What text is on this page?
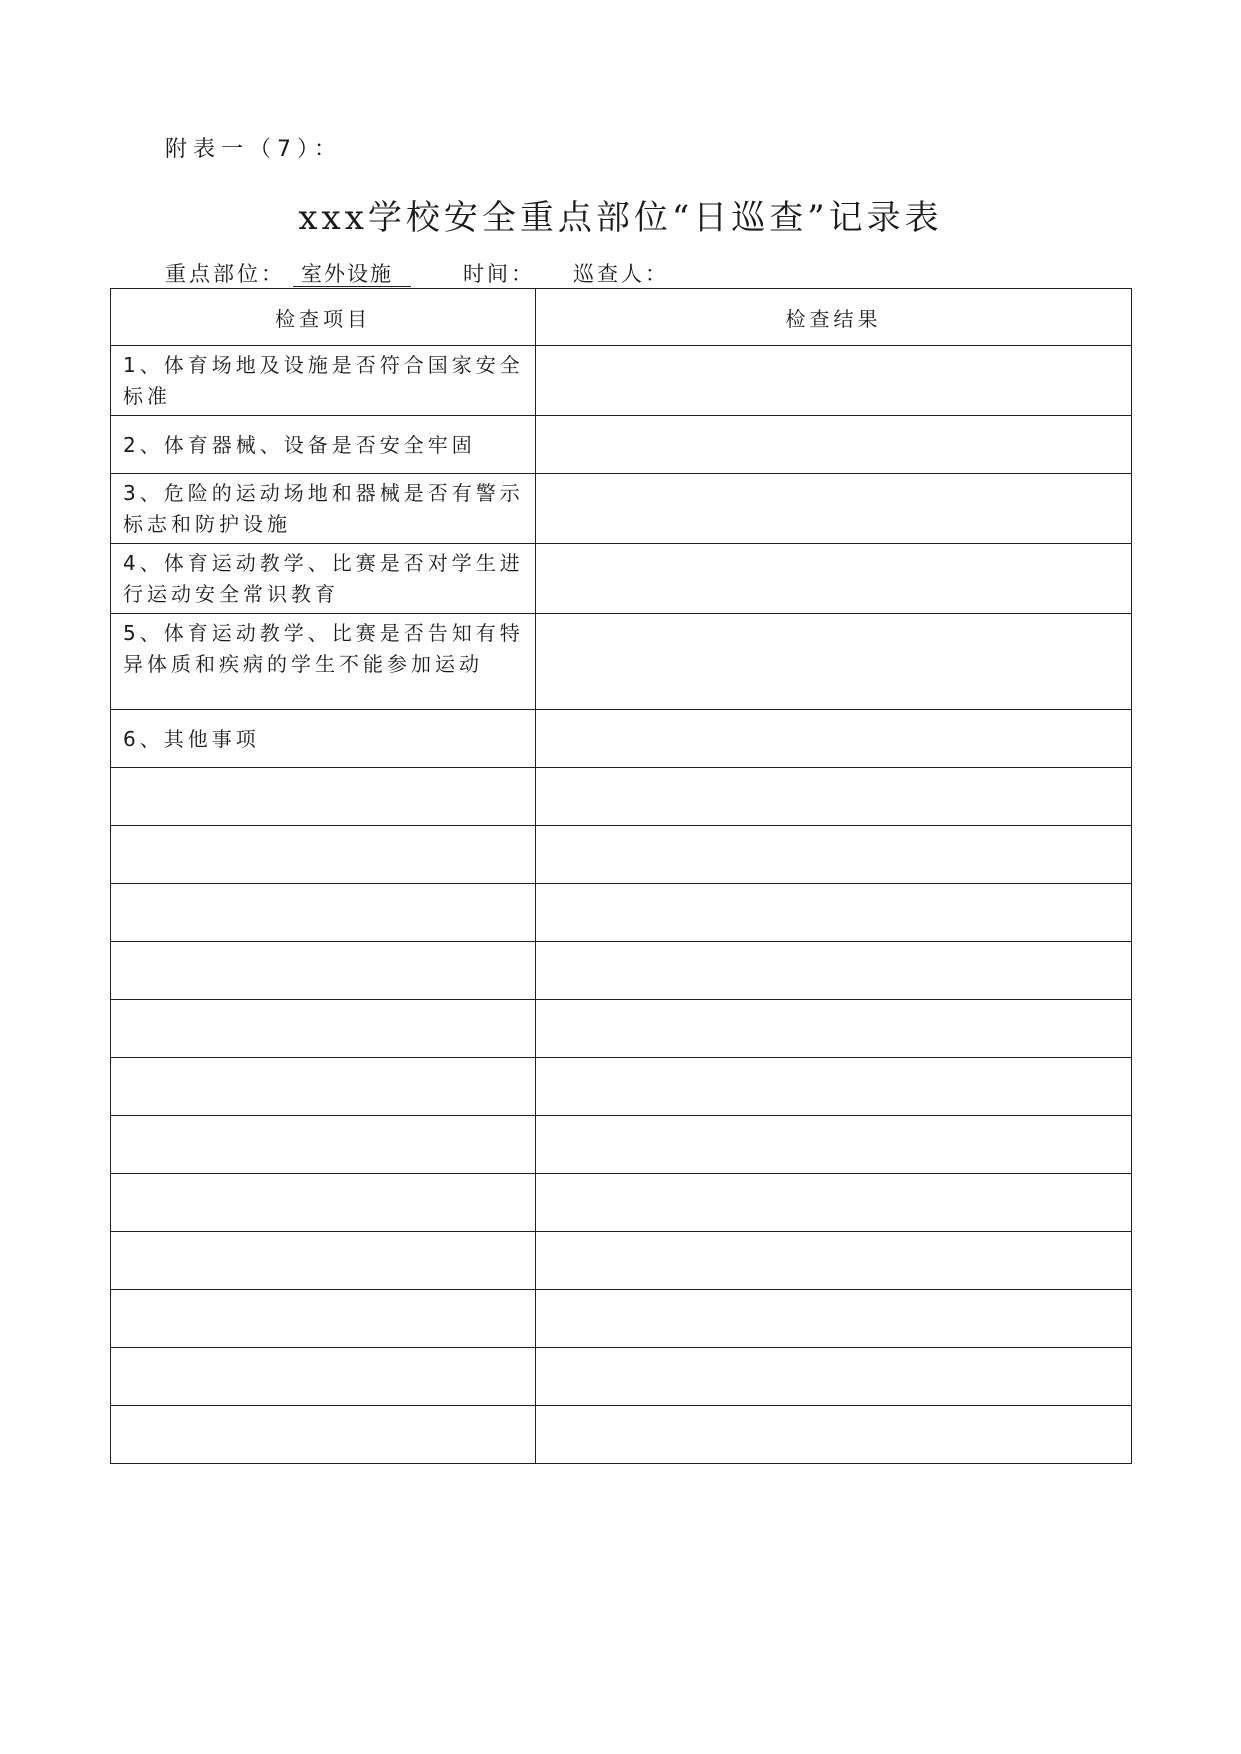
附表一（7）：
xxx学校安全重点部位“日巡查”记录表
重点部位： 室外设施	时间： 巡查人：
检查项目	检查结果
1、体育场地及设施是否符合国家安全标准	
2、体育器械、设备是否安全牢固	
3、危险的运动场地和器械是否有警示标志和防护设施	
4、体育运动教学、比赛是否对学生进行运动安全常识教育	
5、体育运动教学、比赛是否告知有特异体质和疾病的学生不能参加运动	
6、其他事项	
